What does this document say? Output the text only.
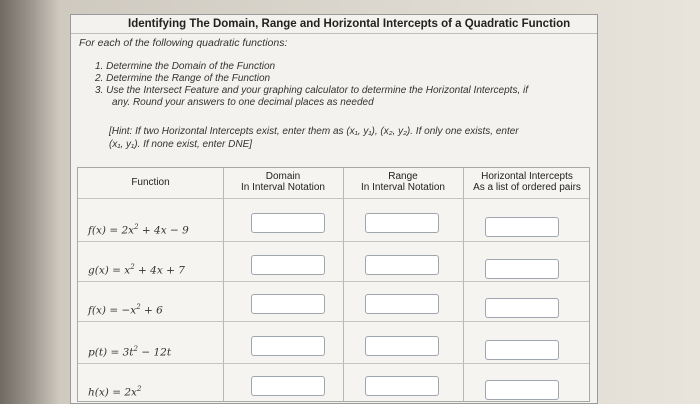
Identifying The Domain, Range and Horizontal Intercepts of a Quadratic Function
For each of the following quadratic functions:
1. Determine the Domain of the Function
2. Determine the Range of the Function
3. Use the Intersect Feature and your graphing calculator to determine the Horizontal Intercepts, if
any. Round your answers to one decimal places as needed
[Hint: If two Horizontal Intercepts exist, enter them as (x₁, y₁), (x₂, y₂). If only one exists, enter
(x₁, y₁). If none exist, enter DNE]
Function
Domain
In Interval Notation
Range
In Interval Notation
Horizontal Intercepts
As a list of ordered pairs
$f(x) = 2x^2 + 4x - 9$
$g(x) = x^2 + 4x + 7$
$f(x) = -x^2 + 6$
$p(t) = 3t^2 - 12t$
$h(x) = 2x^2$
